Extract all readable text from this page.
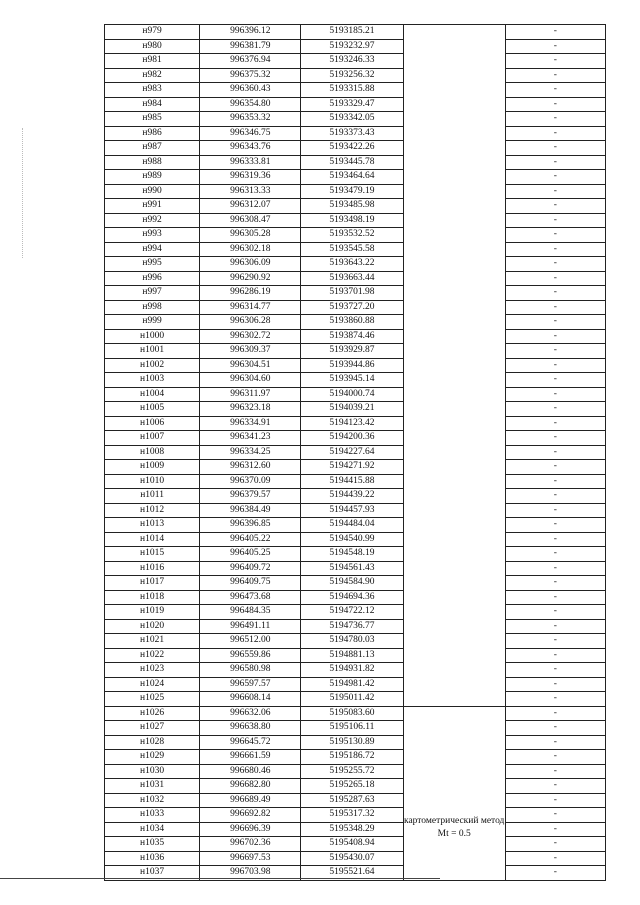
н979	996396.12	5193185.21		-
н980	996381.79	5193232.97		-
н981	996376.94	5193246.33		-
н982	996375.32	5193256.32		-
н983	996360.43	5193315.88		-
н984	996354.80	5193329.47		-
н985	996353.32	5193342.05		-
н986	996346.75	5193373.43		-
н987	996343.76	5193422.26		-
н988	996333.81	5193445.78		-
н989	996319.36	5193464.64		-
н990	996313.33	5193479.19		-
н991	996312.07	5193485.98		-
н992	996308.47	5193498.19		-
н993	996305.28	5193532.52		-
н994	996302.18	5193545.58		-
н995	996306.09	5193643.22		-
н996	996290.92	5193663.44		-
н997	996286.19	5193701.98		-
н998	996314.77	5193727.20		-
н999	996306.28	5193860.88		-
н1000	996302.72	5193874.46		-
н1001	996309.37	5193929.87		-
н1002	996304.51	5193944.86		-
н1003	996304.60	5193945.14		-
н1004	996311.97	5194000.74		-
н1005	996323.18	5194039.21		-
н1006	996334.91	5194123.42		-
н1007	996341.23	5194200.36		-
н1008	996334.25	5194227.64		-
н1009	996312.60	5194271.92		-
н1010	996370.09	5194415.88		-
н1011	996379.57	5194439.22		-
н1012	996384.49	5194457.93		-
н1013	996396.85	5194484.04		-
н1014	996405.22	5194540.99		-
н1015	996405.25	5194548.19		-
н1016	996409.72	5194561.43		-
н1017	996409.75	5194584.90		-
н1018	996473.68	5194694.36		-
н1019	996484.35	5194722.12		-
н1020	996491.11	5194736.77		-
н1021	996512.00	5194780.03		-
н1022	996559.86	5194881.13		-
н1023	996580.98	5194931.82		-
н1024	996597.57	5194981.42		-
н1025	996608.14	5195011.42		-
н1026	996632.06	5195083.60	картометрический метод Mt = 0.5	-
н1027	996638.80	5195106.11		-
н1028	996645.72	5195130.89		-
н1029	996661.59	5195186.72		-
н1030	996680.46	5195255.72		-
н1031	996682.80	5195265.18		-
н1032	996689.49	5195287.63		-
н1033	996692.82	5195317.32		-
н1034	996696.39	5195348.29		-
н1035	996702.36	5195408.94		-
н1036	996697.53	5195430.07		-
н1037	996703.98	5195521.64		-
